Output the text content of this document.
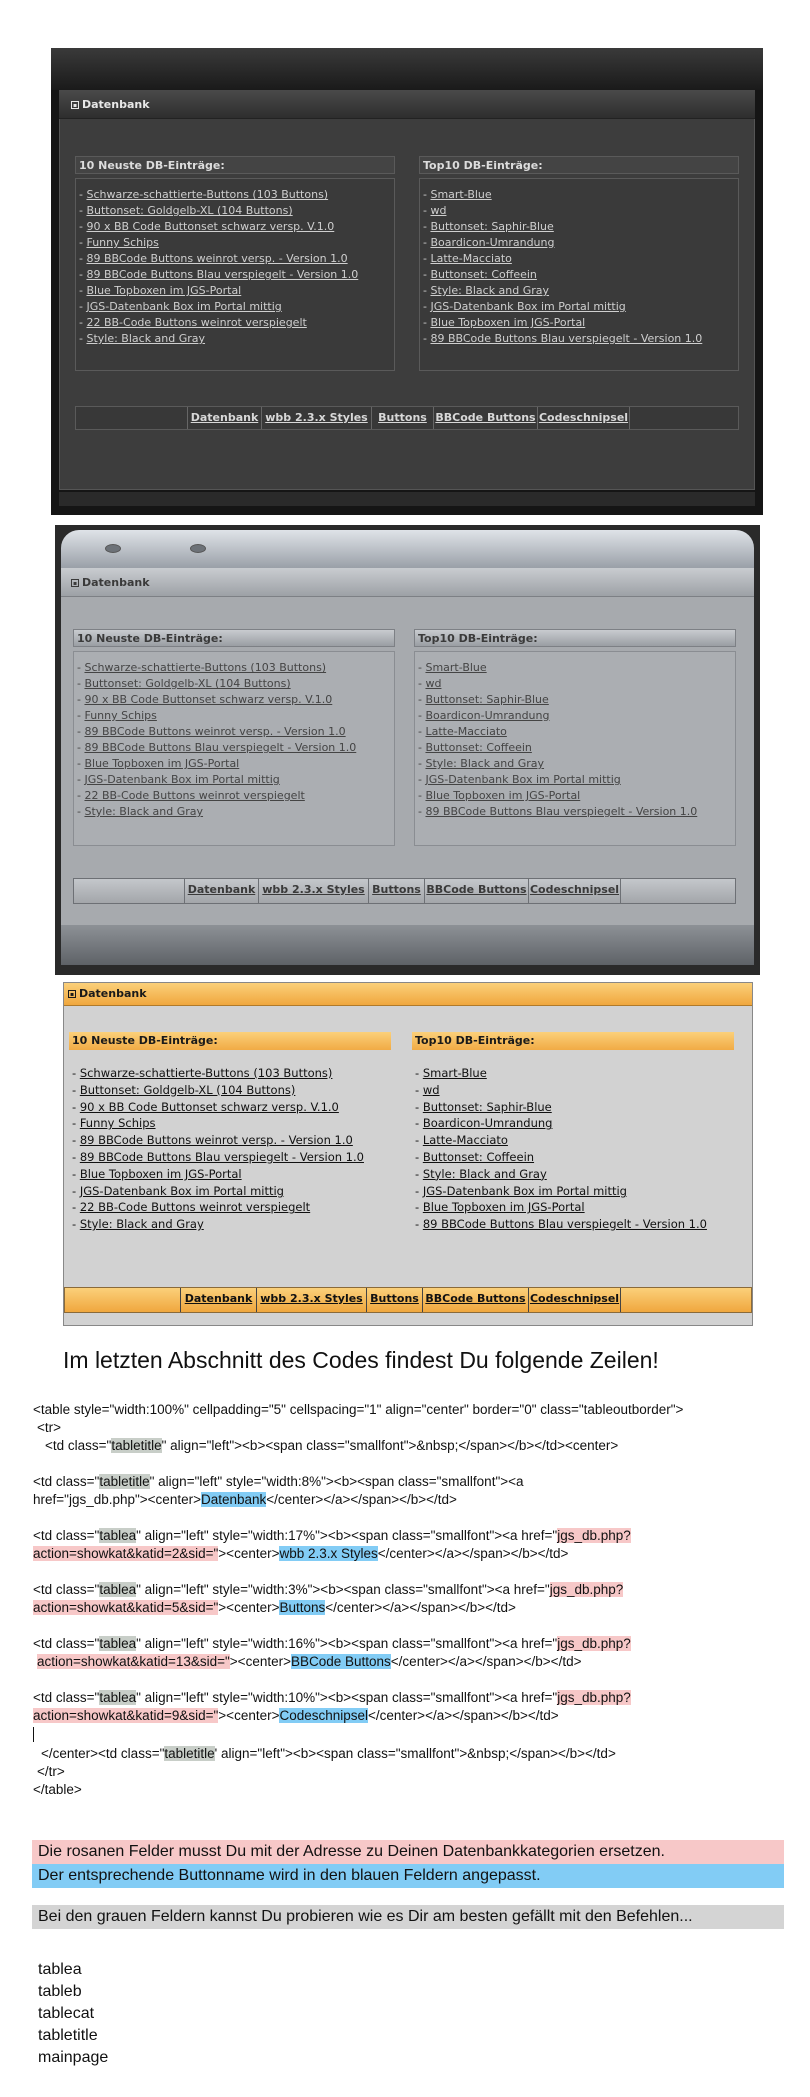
▪ Datenbank
10 Neuste DB-Einträge:
- Schwarze-schattierte-Buttons (103 Buttons)
- Buttonset: Goldgelb-XL (104 Buttons)
- 90 x BB Code Buttonset schwarz versp. V.1.0
- Funny Schips
- 89 BBCode Buttons weinrot versp. - Version 1.0
- 89 BBCode Buttons Blau verspiegelt - Version 1.0
- Blue Topboxen im JGS-Portal
- JGS-Datenbank Box im Portal mittig
- 22 BB-Code Buttons weinrot verspiegelt
- Style: Black and Gray
Top10 DB-Einträge:
- Smart-Blue
- wd
- Buttonset: Saphir-Blue
- Boardicon-Umrandung
- Latte-Macciato
- Buttonset: Coffeein
- Style: Black and Gray
- JGS-Datenbank Box im Portal mittig
- Blue Topboxen im JGS-Portal
- 89 BBCode Buttons Blau verspiegelt - Version 1.0
Datenbank wbb 2.3.x Styles Buttons BBCode Buttons Codeschnipsel
▪ Datenbank
10 Neuste DB-Einträge:
- Schwarze-schattierte-Buttons (103 Buttons)
- Buttonset: Goldgelb-XL (104 Buttons)
- 90 x BB Code Buttonset schwarz versp. V.1.0
- Funny Schips
- 89 BBCode Buttons weinrot versp. - Version 1.0
- 89 BBCode Buttons Blau verspiegelt - Version 1.0
- Blue Topboxen im JGS-Portal
- JGS-Datenbank Box im Portal mittig
- 22 BB-Code Buttons weinrot verspiegelt
- Style: Black and Gray
Top10 DB-Einträge:
- Smart-Blue
- wd
- Buttonset: Saphir-Blue
- Boardicon-Umrandung
- Latte-Macciato
- Buttonset: Coffeein
- Style: Black and Gray
- JGS-Datenbank Box im Portal mittig
- Blue Topboxen im JGS-Portal
- 89 BBCode Buttons Blau verspiegelt - Version 1.0
Datenbank wbb 2.3.x Styles Buttons BBCode Buttons Codeschnipsel
▪ Datenbank
10 Neuste DB-Einträge:
- Schwarze-schattierte-Buttons (103 Buttons)
- Buttonset: Goldgelb-XL (104 Buttons)
- 90 x BB Code Buttonset schwarz versp. V.1.0
- Funny Schips
- 89 BBCode Buttons weinrot versp. - Version 1.0
- 89 BBCode Buttons Blau verspiegelt - Version 1.0
- Blue Topboxen im JGS-Portal
- JGS-Datenbank Box im Portal mittig
- 22 BB-Code Buttons weinrot verspiegelt
- Style: Black and Gray
Top10 DB-Einträge:
- Smart-Blue
- wd
- Buttonset: Saphir-Blue
- Boardicon-Umrandung
- Latte-Macciato
- Buttonset: Coffeein
- Style: Black and Gray
- JGS-Datenbank Box im Portal mittig
- Blue Topboxen im JGS-Portal
- 89 BBCode Buttons Blau verspiegelt - Version 1.0
Datenbank wbb 2.3.x Styles Buttons BBCode Buttons Codeschnipsel
Im letzten Abschnitt des Codes findest Du folgende Zeilen!
<table style="width:100%" cellpadding="5" cellspacing="1" align="center" border="0" class="tableoutborder">
<tr>
<td class="tabletitle" align="left"><b><span class="smallfont">&nbsp;</span></b></td><center>
<td class="tabletitle" align="left" style="width:8%"><b><span class="smallfont"><a
href="jgs_db.php"><center>Datenbank</center></a></span></b></td>
<td class="tablea" align="left" style="width:17%"><b><span class="smallfont"><a href="jgs_db.php?
action=showkat&katid=2&sid="><center>wbb 2.3.x Styles</center></a></span></b></td>
<td class="tablea" align="left" style="width:3%"><b><span class="smallfont"><a href="jgs_db.php?
action=showkat&katid=5&sid="><center>Buttons</center></a></span></b></td>
<td class="tablea" align="left" style="width:16%"><b><span class="smallfont"><a href="jgs_db.php?
action=showkat&katid=13&sid="><center>BBCode Buttons</center></a></span></b></td>
<td class="tablea" align="left" style="width:10%"><b><span class="smallfont"><a href="jgs_db.php?
action=showkat&katid=9&sid="><center>Codeschnipsel</center></a></span></b></td>
</center><td class="tabletitle' align="left"><b><span class="smallfont">&nbsp;</span></b></td>
</tr>
</table>
Die rosanen Felder musst Du mit der Adresse zu Deinen Datenbankkategorien ersetzen.
Der entsprechende Buttonname wird in den blauen Feldern angepasst.
Bei den grauen Feldern kannst Du probieren wie es Dir am besten gefällt mit den Befehlen...
tablea
tableb
tablecat
tabletitle
mainpage
